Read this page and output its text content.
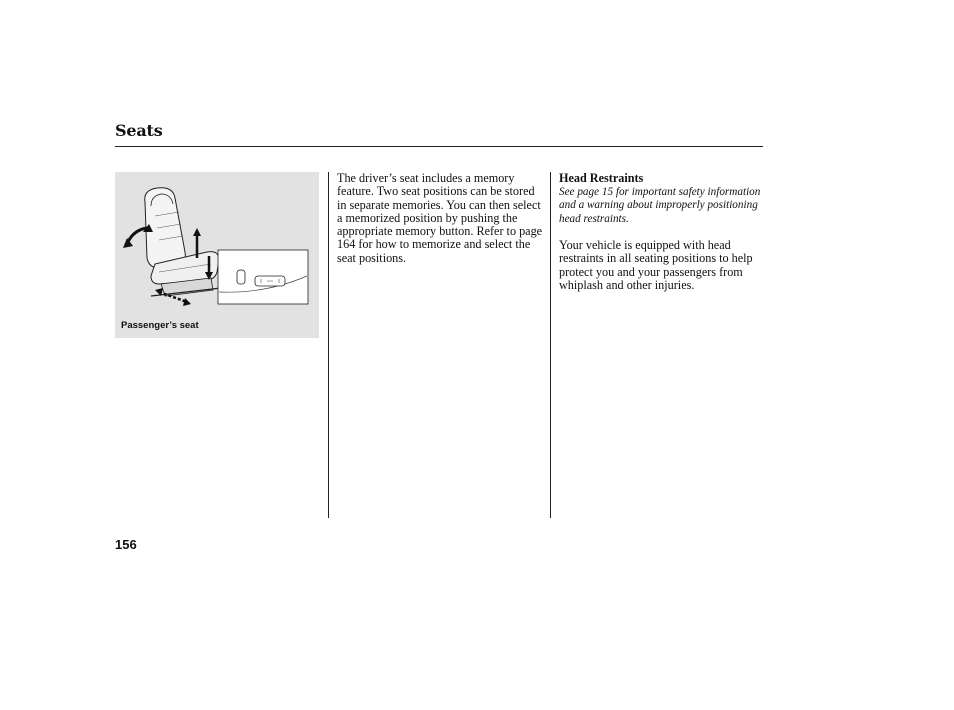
Seats
Passenger’s seat

The driver’s seat includes a memory feature. Two seat positions can be stored in separate memories. You can then select a memorized position by pushing the appropriate memory button. Refer to page 164 for how to memorize and select the seat positions.

Head Restraints

See page 15 for important safety information and a warning about improperly positioning head restraints.

Your vehicle is equipped with head restraints in all seating positions to help protect you and your passengers from whiplash and other injuries.

156
